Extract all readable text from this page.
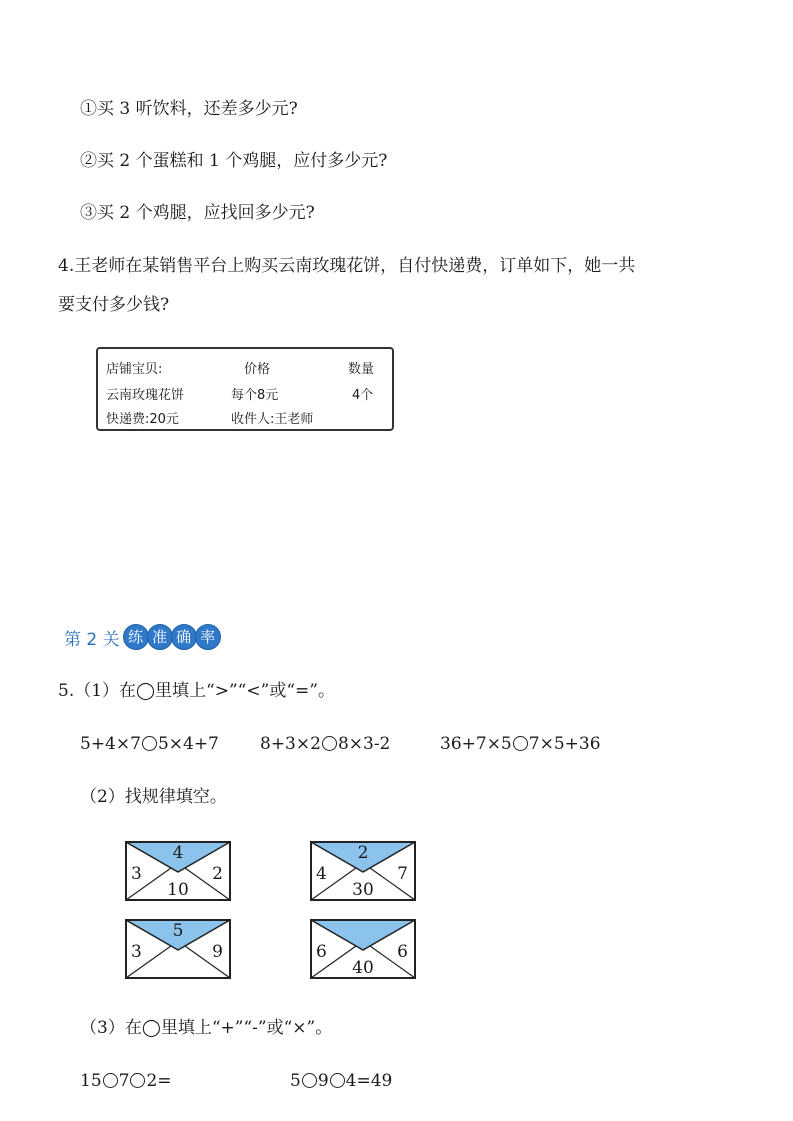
①买 3 听饮料，还差多少元?
②买 2 个蛋糕和 1 个鸡腿，应付多少元?
③买 2 个鸡腿，应找回多少元?
4.王老师在某销售平台上购买云南玫瑰花饼，自付快递费，订单如下，她一共
要支付多少钱?
店铺宝贝:	价格	数量
云南玫瑰花饼	每个8元	4个
快递费:20元	收件人:王老师
第 2 关 练 准 确 率
5.（1）在◯里填上“>”“<”或“=”。
5+4×7 5×4+7 8+3×2 8×3-2	36+7×5 7×5+36
（2）找规律填空。
4
3	2
10
2
4	7
30
5
3	9	6	6
40
（3）在◯里填上“+”“-”或“×”。
15 7 2=	5 9 4=49
